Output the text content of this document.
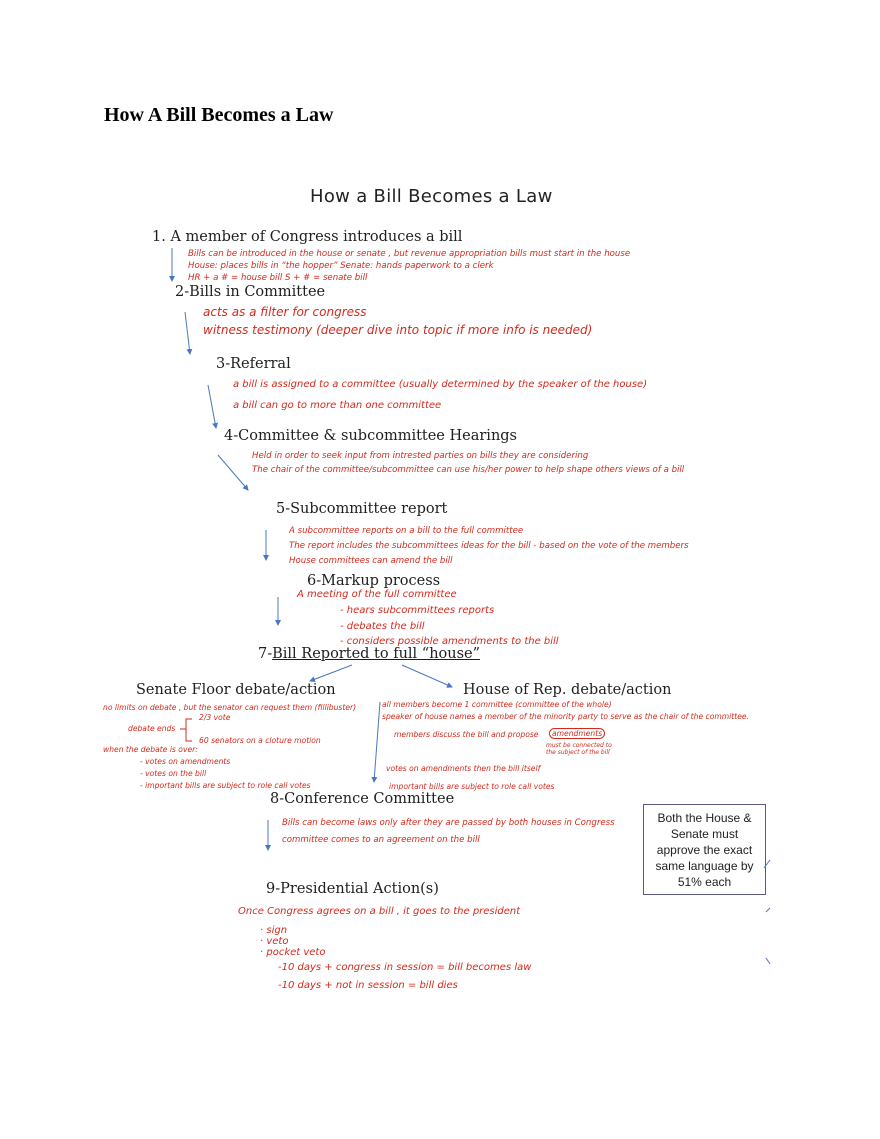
How A Bill Becomes a Law
How a Bill Becomes a Law
1. A member of Congress introduces a bill
Bills can be introduced in the house or senate , but revenue appropriation bills must start in the house
House: places bills in “the hopper” Senate: hands paperwork to a clerk
HR + a # = house bill S + # = senate bill
2-Bills in Committee
acts as a filter for congress
witness testimony (deeper dive into topic if more info is needed)
3-Referral
a bill is assigned to a committee (usually determined by the speaker of the house)
a bill can go to more than one committee
4-Committee & subcommittee Hearings
Held in order to seek input from intrested parties on bills they are considering
The chair of the committee/subcommittee can use his/her power to help shape others views of a bill
5-Subcommittee report
A subcommittee reports on a bill to the full committee
The report includes the subcommittees ideas for the bill - based on the vote of the members
House committees can amend the bill
6-Markup process
A meeting of the full committee
- hears subcommittees reports
- debates the bill
- considers possible amendments to the bill
7-Bill Reported to full “house”
Senate Floor debate/action
no limits on debate , but the senator can request them (fillibuster)
debate ends
2/3 vote
60 senators on a cloture motion
when the debate is over:
- votes on amendments
- votes on the bill
- important bills are subject to role call votes
House of Rep. debate/action
all members become 1 committee (committee of the whole)
speaker of house names a member of the minority party to serve as the chair of the committee.
members discuss the bill and propose	amendments
must be connected to the subject of the bill
votes on amendments then the bill itself
important bills are subject to role call votes
8-Conference Committee
Bills can become laws only after they are passed by both houses in Congress
committee comes to an agreement on the bill
Both the House & Senate must approve the exact same language by 51% each
9-Presidential Action(s)
Once Congress agrees on a bill , it goes to the president
· sign
· veto
· pocket veto
-10 days + congress in session = bill becomes law
-10 days + not in session = bill dies
